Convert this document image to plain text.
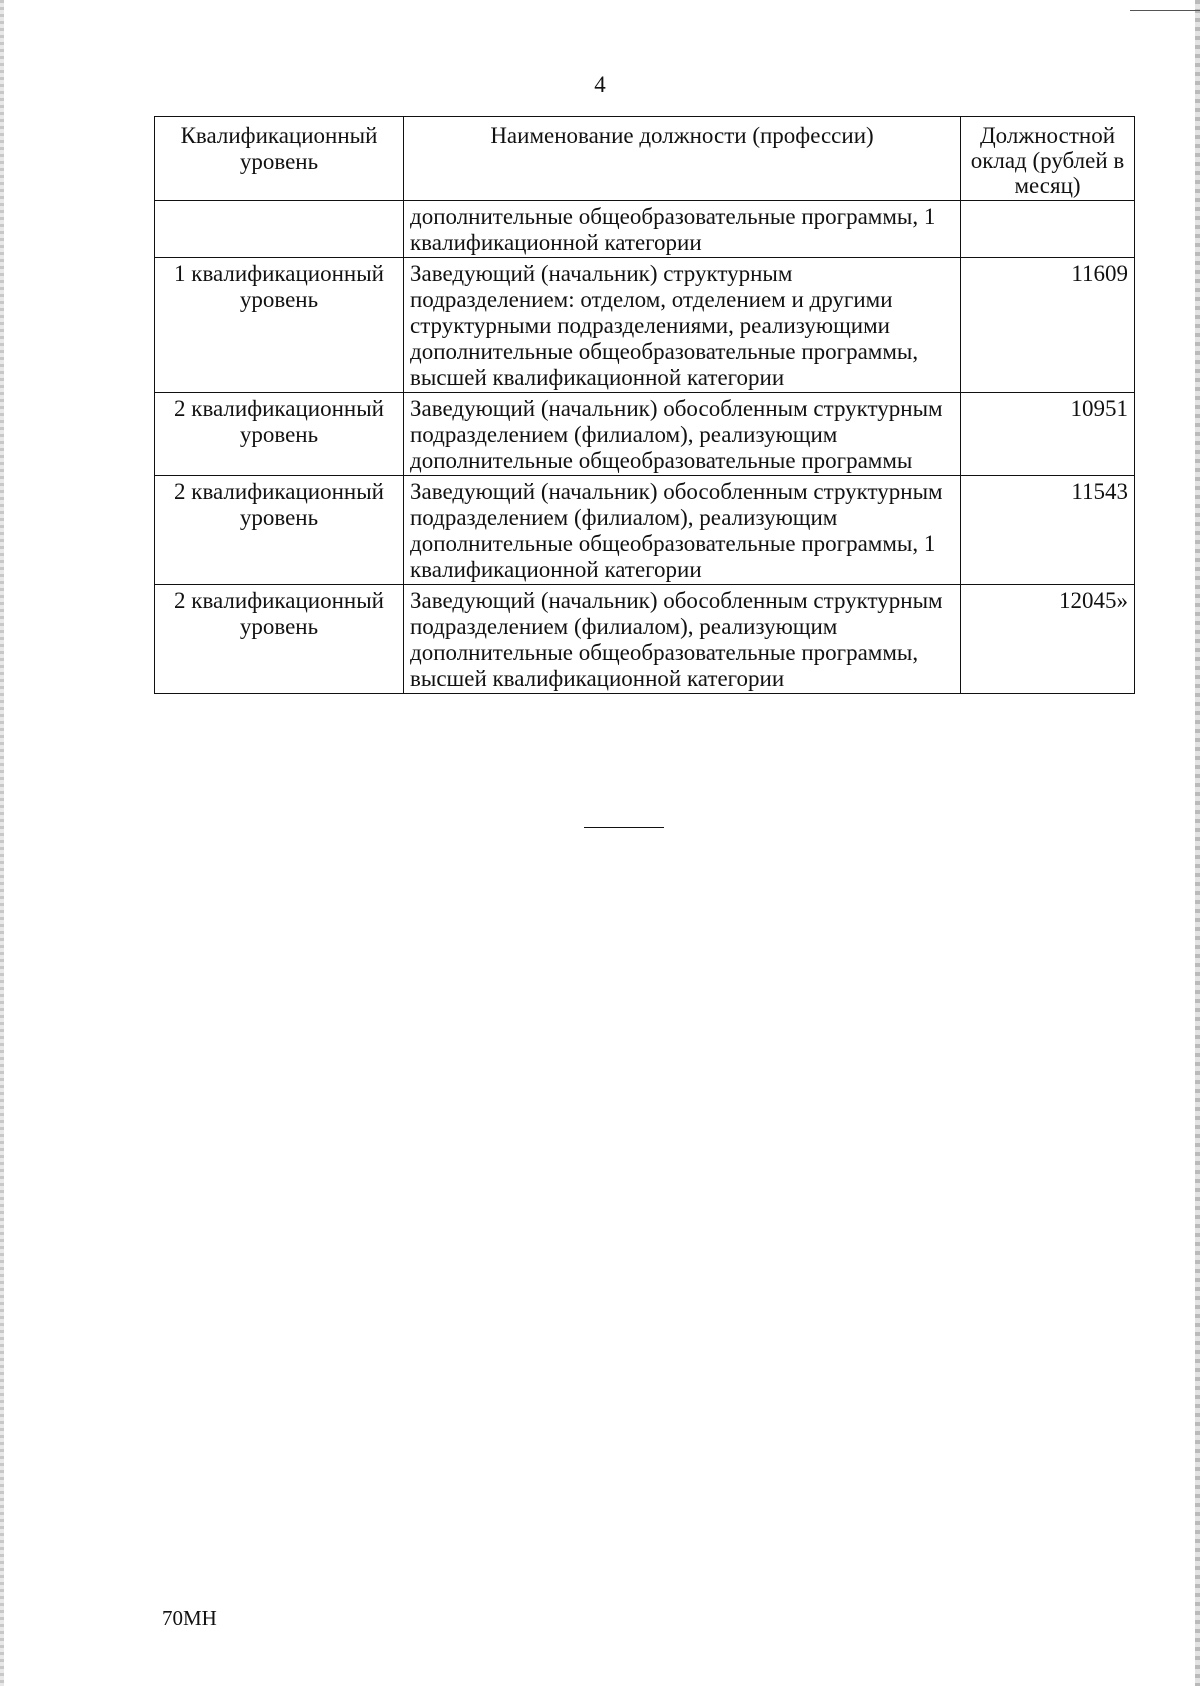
4
Квалификационный уровень	Наименование должности (профессии)	Должностной оклад (рублей в месяц)
	дополнительные общеобразовательные программы, 1 квалификационной категории	
1 квалификационный уровень	Заведующий (начальник) структурным подразделением: отделом, отделением и другими структурными подразделениями, реализующими дополнительные общеобразовательные программы, высшей квалификационной категории	11609
2 квалификационный уровень	Заведующий (начальник) обособленным структурным подразделением (филиалом), реализующим дополнительные общеобразовательные программы	10951
2 квалификационный уровень	Заведующий (начальник) обособленным структурным подразделением (филиалом), реализующим дополнительные общеобразовательные программы, 1 квалификационной категории	11543
2 квалификационный уровень	Заведующий (начальник) обособленным структурным подразделением (филиалом), реализующим дополнительные общеобразовательные программы, высшей квалификационной категории	12045»
70МН
